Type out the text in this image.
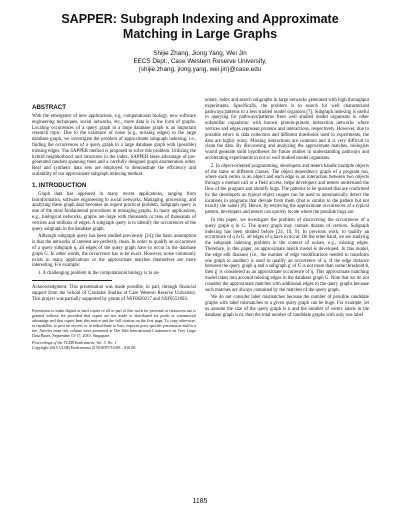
SAPPER: Subgraph Indexing and Approximate Matching in Large Graphs
Shijie Zhang, Jiong Yang, Wei Jin
EECS Dept., Case Western Reserve University,
{shijie.zhang, jiong.yang, wei.jin}@case.edu
ABSTRACT

With the emergence of new applications, e.g, computational biology, new software engineering techniques, social networks, etc., more data is in the form of graphs. Locating occurrences of a query graph in a large database graph is an important research topic. Due to the existence of noise (e.g., missing edges) in the large database graph, we investigate the problem of approximate subgraph indexing, i.e., finding the occurrences of a query graph in a large database graph with (possible) missing edges. The SAPPER method is proposed to solve this problem. Utilizing the hybrid neighborhood unit structures in the index, SAPPER takes advantage of pre-generated random spanning trees and a carefully designed graph enumeration order. Real and synthetic data sets are employed to demonstrate the efficiency and scalability of our approximate subgraph indexing method.

1. INTRODUCTION

Graph data has appeared in many recent applications, ranging from bioinformatics, software engineering to social networks. Managing, processing, and analyzing these graph data becomes an urgent practical problem. Subgraph query is one of the most fundamental procedures in managing graphs. In many applications, e.g., biological networks, graphs are large with thousands or tens of thousands of vertices and millions of edges. A subgraph query is to identify the occurrences of the query subgraph in the database graph.

Although subgraph query has been studied previously [24], the basic assumption is that the networks of interest are perfectly clean. In order to qualify an occurrence of a query subgraph q, all edges of the query graph have to occur in the database graph G. In other words, the occurrence has to be exact. However, noise commonly exists in many applications or the approximate matches themselves are more interesting. For example:

1. A challenging problem in the computational biology is to an-

Acknowledgment: This presentation was made possible, in part, through financial support from the School of Graduate Studies at Case Western Reserve University. This project was partially supported by grants of NSF0820217 and NSF0551603.

Permission to make digital or hard copies of all or part of this work for personal or classroom use is granted without fee provided that copies are not made or distributed for profit or commercial advantage and that copies bear this notice and the full citation on the first page. To copy otherwise, to republish, to post on servers or to redistribute to lists, requires prior specific permission and/or a fee. Articles from this volume were presented at The 36th International Conference on Very Large Data Bases, September 13-17, 2010, Singapore.

Proceedings of the VLDB Endowment, Vol. 3, No. 1
Copyright 2010 VLDB Endowment 2150-8097/10/09... $10.00.

notate, index and search subgraphs in large networks generated with high throughput experiments. Specifically, the problem is to search for well characterized pathways/patterns in a less studied model organism [7]. Subgraph indexing is useful in querying for pathways/patterns from well studied model organisms in other unfamiliar organisms: with known protein-protein interaction networks where vertices and edges represent proteins and interactions, respectively. However, due to possible errors in data collection and different thresholds used in experiments, the data are highly noisy. Missing interactions are common and it is very difficult to clean the data. By discovering and analyzing the approximate matches, biologists would generate solid hypotheses for future studies in understanding pathways and accelerating experiments in not so well studied model organisms.

2. In object-oriented programming, developers and testers handle multiple objects of the same or different classes. The object dependency graph of a program run, where each vertex is an object and each edge is an interaction between two objects through a method call or a field access, helps developers and testers understand the flow of the program and identify bugs. The patterns to be queried that are confirmed by the developers as typical object usages can be used to automatically detect the locations in programs that deviate from them (that is similar to the pattern but not exactly the same) [8]. Hence, by retrieving the approximate occurrences of a typical pattern, developers and testers can quickly locate where the possible bugs are.

In this paper, we investigate the problem of discovering the occurrences of a query graph q in G. The query graph may contain dozens of vertices. Subgraph indexing has been studied before [24, 19, 9]. In previous work, to qualify an occurrence of q in G, all edges of q have to occur. On the other hand, we are studying the subgraph indexing problem in the context of noises, e.g., missing edges. Therefore, in this paper, an approximate match model is developed. In this model, the edge edit distance (i.e., the number of edge modifications needed to transform one graph to another) is used to qualify an occurrence of q. If the edge distance between the query graph q and a subgraph g' of G is not more than some threshold θ, then g' is considered as an approximate occurrence of q. This approximate matching model takes into account missing edges in the database graph G. Note that we do not consider the approximate matches with additional edges to the query graphs because such matches are always contained by the matches of the query graph.

We do not consider label mismatches because the number of possible candidate graphs with label mismatches to a given query graph can be huge. For example, let us assume the size of the query graph is n and the number of vertex labels in the database graph is m, then the total number of candidate graphs with only one label

1185
